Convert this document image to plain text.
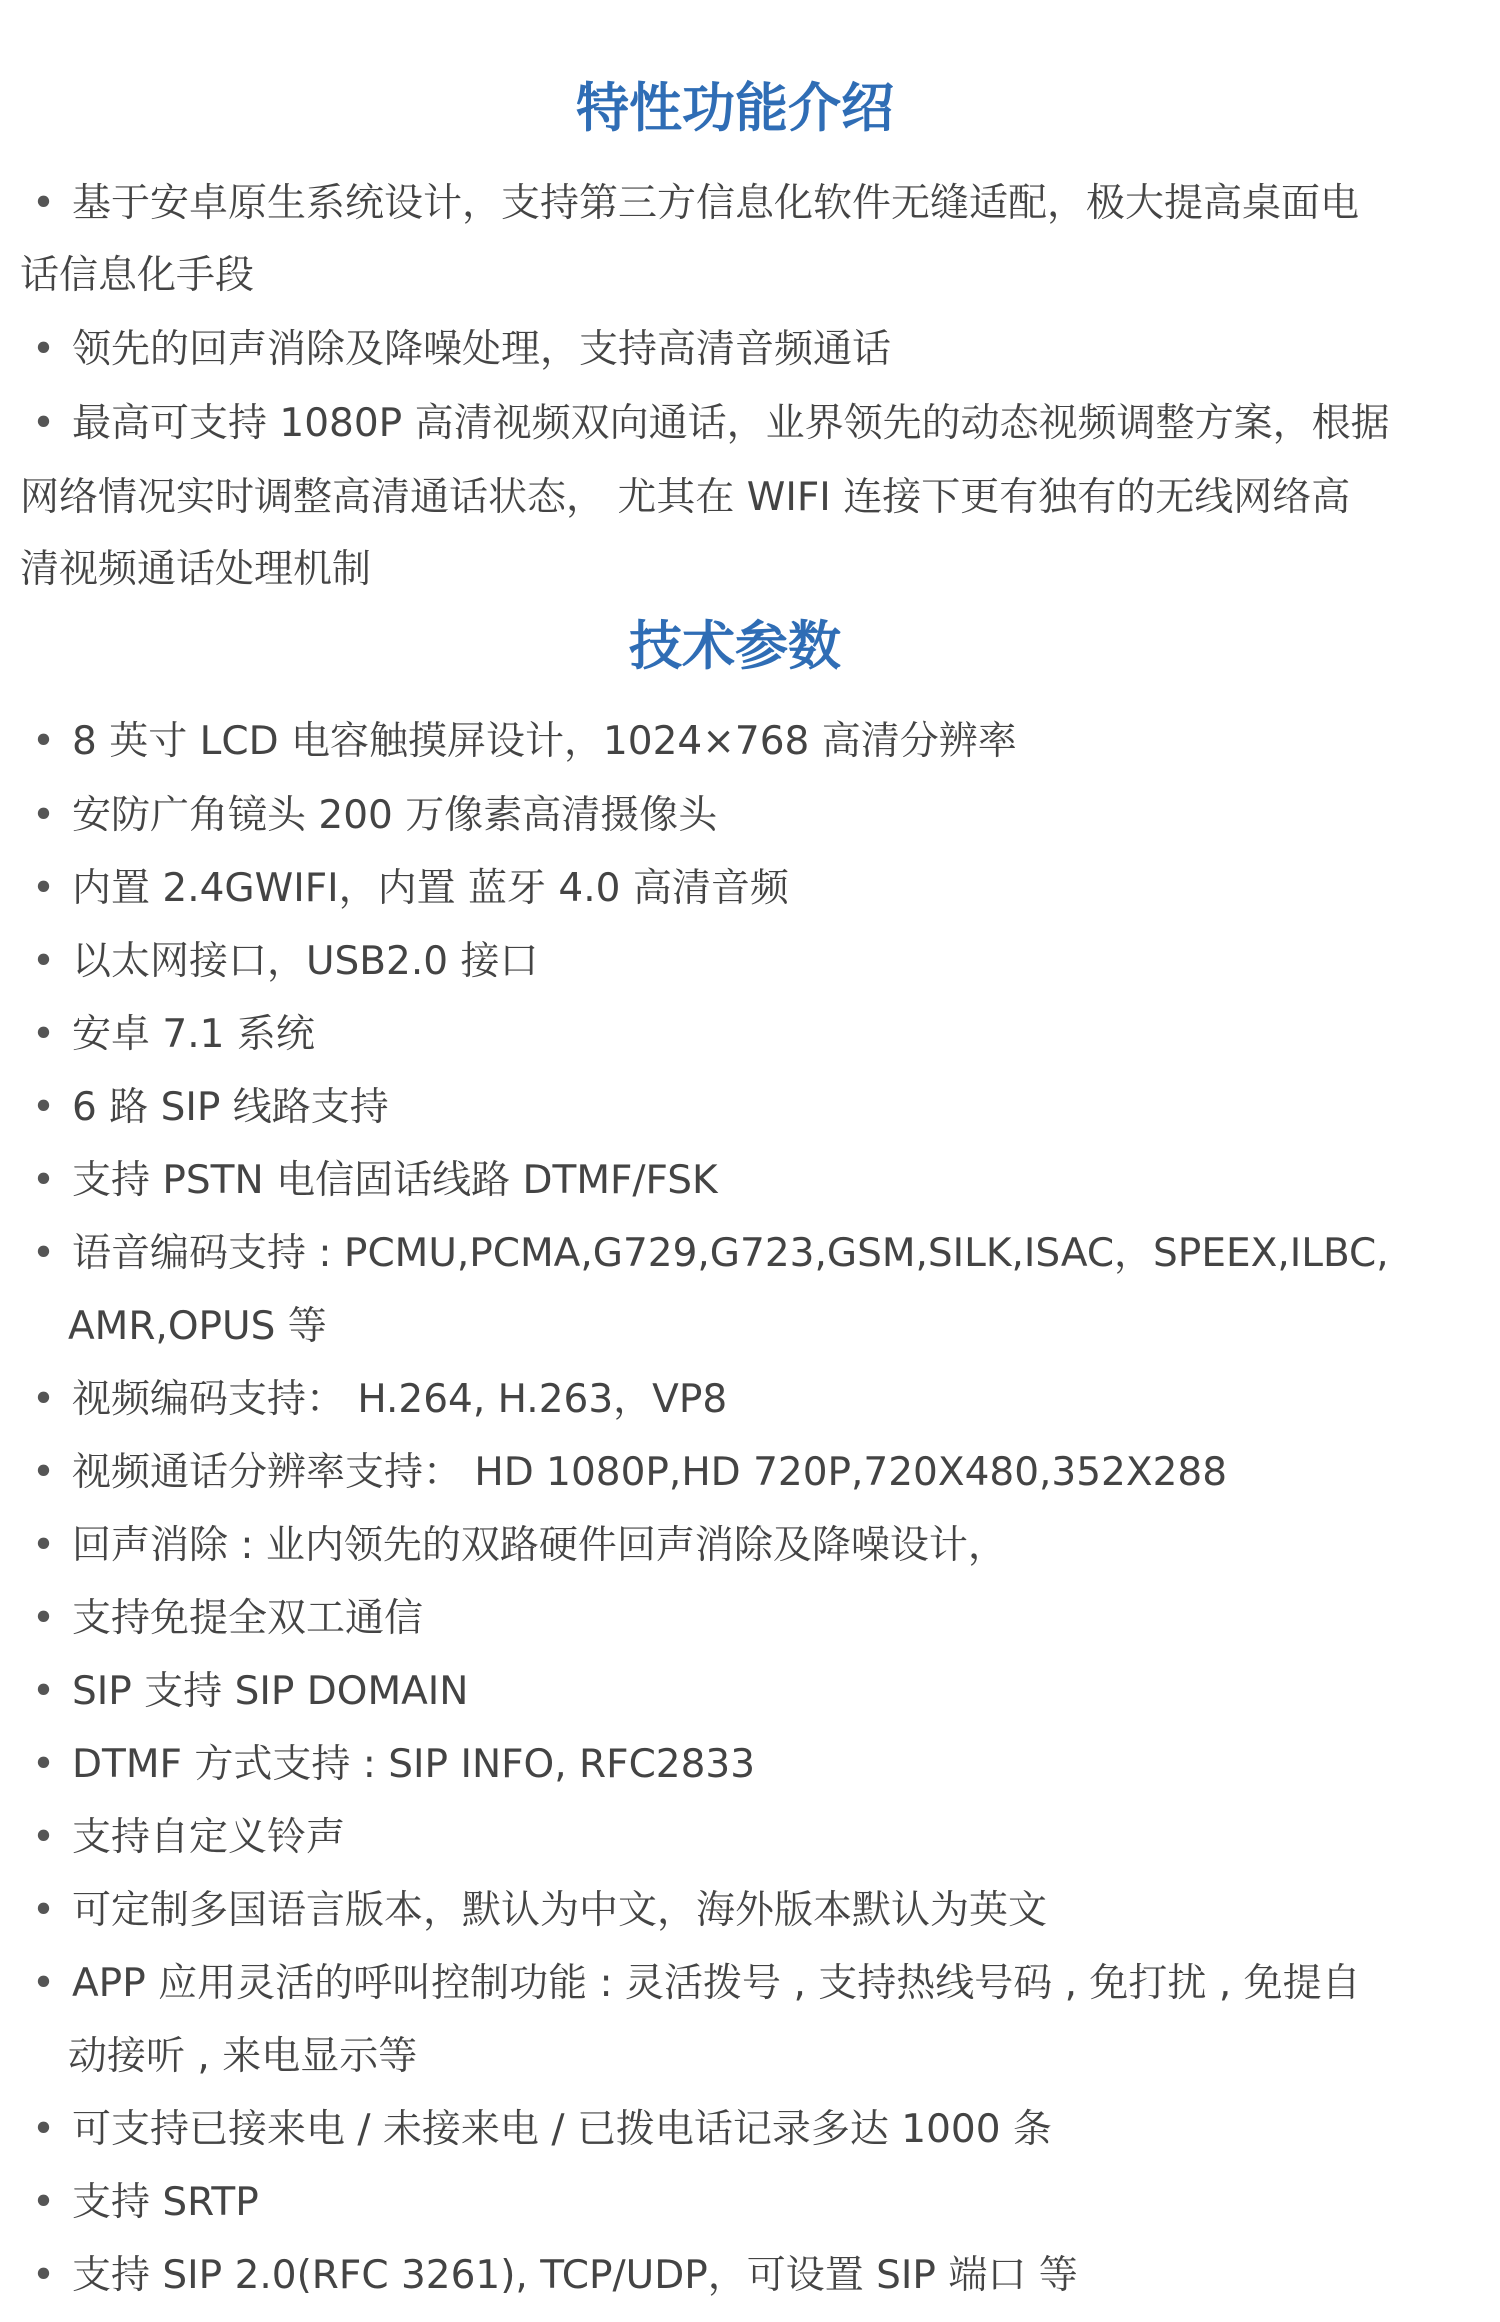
特性功能介绍
• 基于安卓原生系统设计，支持第三方信息化软件无缝适配，极大提高桌面电
话信息化手段
• 领先的回声消除及降噪处理，支持高清音频通话
• 最高可支持 1080P 高清视频双向通话，业界领先的动态视频调整方案，根据
网络情况实时调整高清通话状态， 尤其在 WIFI 连接下更有独有的无线网络高
清视频通话处理机制
技术参数
• 8 英寸 LCD 电容触摸屏设计，1024×768 高清分辨率
• 安防广角镜头 200 万像素高清摄像头
• 内置 2.4GWIFI，内置 蓝牙 4.0 高清音频
• 以太网接口，USB2.0 接口
• 安卓 7.1 系统
• 6 路 SIP 线路支持
• 支持 PSTN 电信固话线路 DTMF/FSK
• 语音编码支持 : PCMU,PCMA,G729,G723,GSM,SILK,ISAC，SPEEX,ILBC,
AMR,OPUS 等
• 视频编码支持： H.264, H.263，VP8
• 视频通话分辨率支持： HD 1080P,HD 720P,720X480,352X288
• 回声消除 : 业内领先的双路硬件回声消除及降噪设计，
• 支持免提全双工通信
• SIP 支持 SIP DOMAIN
• DTMF 方式支持 : SIP INFO, RFC2833
• 支持自定义铃声
• 可定制多国语言版本，默认为中文，海外版本默认为英文
• APP 应用灵活的呼叫控制功能 : 灵活拨号 , 支持热线号码 , 免打扰 , 免提自
动接听 , 来电显示等
• 可支持已接来电 / 未接来电 / 已拨电话记录多达 1000 条
• 支持 SRTP
• 支持 SIP 2.0(RFC 3261), TCP/UDP，可设置 SIP 端口 等
